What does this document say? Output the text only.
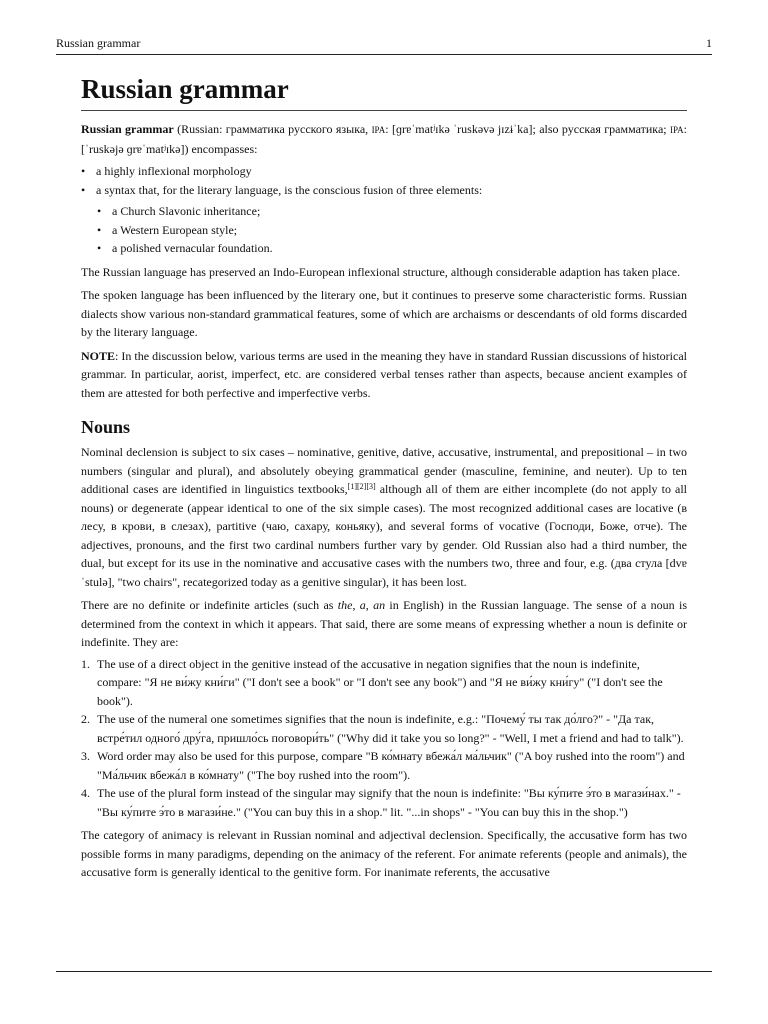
Russian grammar	1
Russian grammar

Russian grammar (Russian: грамматика русского языка, IPA: [ɡrɐˈmatʲɪkə ˈruskəvə jɪzɨˈka]; also русская грамматика; IPA: [ˈruskəjə ɡrɐˈmatʲɪkə]) encompasses:

• a highly inflexional morphology
• a syntax that, for the literary language, is the conscious fusion of three elements:
• a Church Slavonic inheritance;
• a Western European style;
• a polished vernacular foundation.

The Russian language has preserved an Indo-European inflexional structure, although considerable adaption has taken place.

The spoken language has been influenced by the literary one, but it continues to preserve some characteristic forms. Russian dialects show various non-standard grammatical features, some of which are archaisms or descendants of old forms discarded by the literary language.

NOTE: In the discussion below, various terms are used in the meaning they have in standard Russian discussions of historical grammar. In particular, aorist, imperfect, etc. are considered verbal tenses rather than aspects, because ancient examples of them are attested for both perfective and imperfective verbs.

Nouns

Nominal declension is subject to six cases – nominative, genitive, dative, accusative, instrumental, and prepositional – in two numbers (singular and plural), and absolutely obeying grammatical gender (masculine, feminine, and neuter). Up to ten additional cases are identified in linguistics textbooks,[1][2][3] although all of them are either incomplete (do not apply to all nouns) or degenerate (appear identical to one of the six simple cases). The most recognized additional cases are locative (в лесу, в крови, в слезах), partitive (чаю, сахару, коньяку), and several forms of vocative (Господи, Боже, отче). The adjectives, pronouns, and the first two cardinal numbers further vary by gender. Old Russian also had a third number, the dual, but except for its use in the nominative and accusative cases with the numbers two, three and four, e.g. (два стула [dvɐ ˈstulə], "two chairs", recategorized today as a genitive singular), it has been lost.

There are no definite or indefinite articles (such as the, a, an in English) in the Russian language. The sense of a noun is determined from the context in which it appears. That said, there are some means of expressing whether a noun is definite or indefinite. They are:

1. The use of a direct object in the genitive instead of the accusative in negation signifies that the noun is indefinite, compare: "Я не ви́жу кни́ги" ("I don't see a book" or "I don't see any book") and "Я не ви́жу кни́гу" ("I don't see the book").
2. The use of the numeral one sometimes signifies that the noun is indefinite, e.g.: "Почему́ ты так до́лго?" - "Да так, встре́тил одного́ дру́га, пришло́сь поговори́ть" ("Why did it take you so long?" - "Well, I met a friend and had to talk").
3. Word order may also be used for this purpose, compare "В ко́мнату вбежа́л ма́льчик" ("A boy rushed into the room") and "Ма́льчик вбежа́л в ко́мнату" ("The boy rushed into the room").
4. The use of the plural form instead of the singular may signify that the noun is indefinite: "Вы ку́пите э́то в магази́нах." - "Вы ку́пите э́то в магази́не." ("You can buy this in a shop." lit. "...in shops" - "You can buy this in the shop.")

The category of animacy is relevant in Russian nominal and adjectival declension. Specifically, the accusative form has two possible forms in many paradigms, depending on the animacy of the referent. For animate referents (people and animals), the accusative form is generally identical to the genitive form. For inanimate referents, the accusative
